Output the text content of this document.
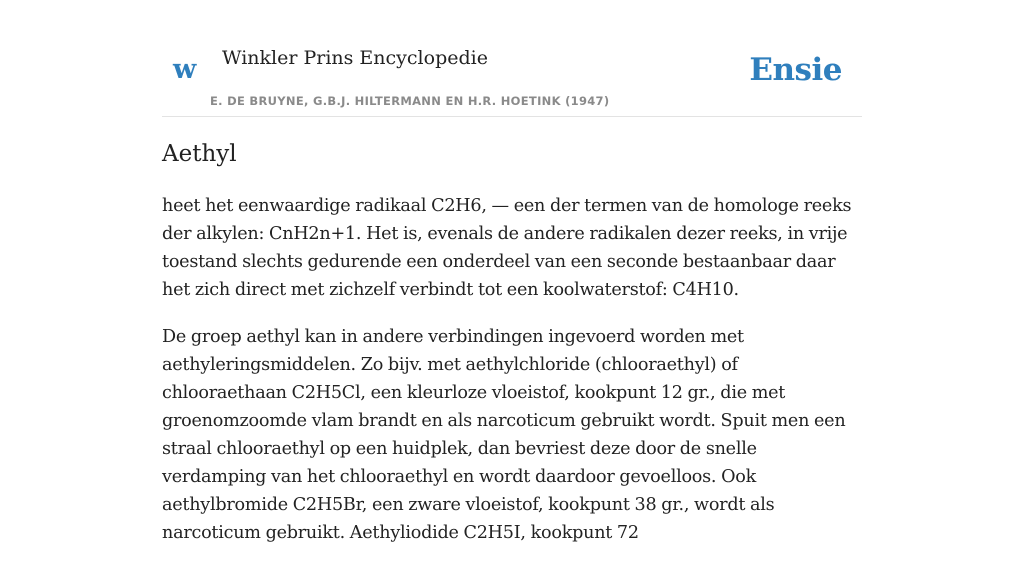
w Winkler Prins Encyclopedie
E. DE BRUYNE, G.B.J. HILTERMANN EN H.R. HOETINK (1947)
Ensie
Aethyl

heet het eenwaardige radikaal C2H6, — een der termen van de homologe reeks der alkylen: CnH2n+1. Het is, evenals de andere radikalen dezer reeks, in vrije toestand slechts gedurende een onderdeel van een seconde bestaanbaar daar het zich direct met zichzelf verbindt tot een koolwaterstof: C4H10.

De groep aethyl kan in andere verbindingen ingevoerd worden met aethyleringsmiddelen. Zo bijv. met aethylchloride (chlooraethyl) of chlooraethaan C2H5Cl, een kleurloze vloeistof, kookpunt 12 gr., die met groenomzoomde vlam brandt en als narcoticum gebruikt wordt. Spuit men een straal chlooraethyl op een huidplek, dan bevriest deze door de snelle verdamping van het chlooraethyl en wordt daardoor gevoelloos. Ook aethylbromide C2H5Br, een zware vloeistof, kookpunt 38 gr., wordt als narcoticum gebruikt. Aethyliodide C2H5I, kookpunt 72
